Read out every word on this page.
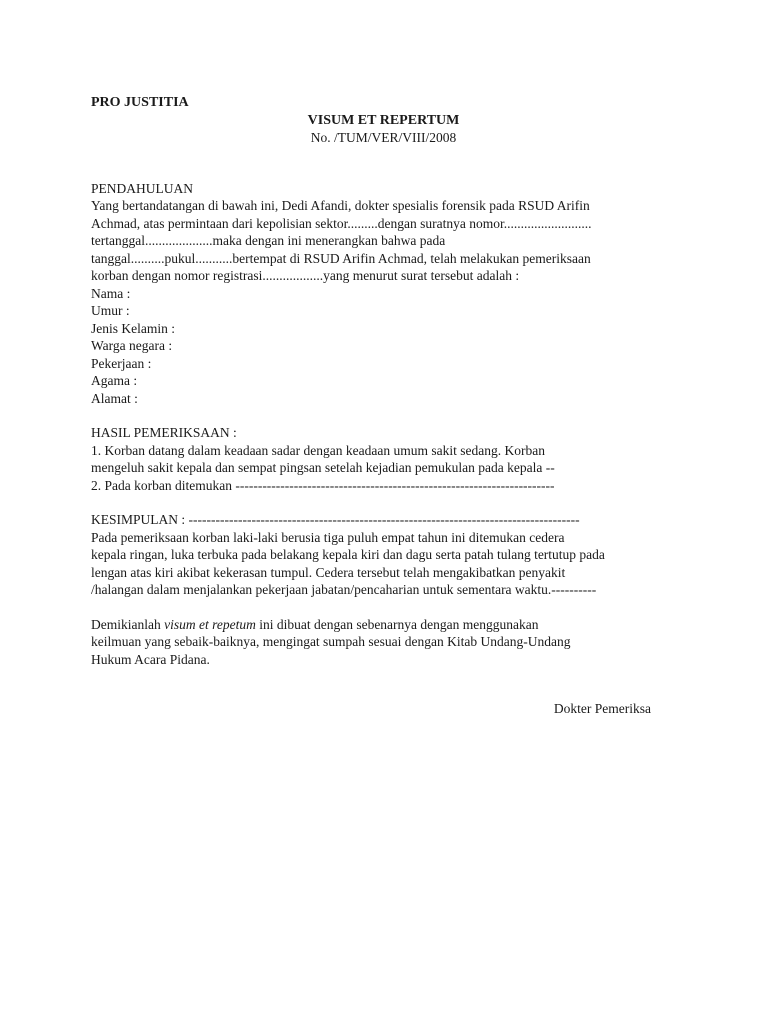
PRO JUSTITIA
VISUM ET REPERTUM
No. /TUM/VER/VIII/2008
PENDAHULUAN
Yang bertandatangan di bawah ini, Dedi Afandi, dokter spesialis forensik pada RSUD Arifin
Achmad, atas permintaan dari kepolisian sektor.........dengan suratnya nomor..........................
tertanggal....................maka dengan ini menerangkan bahwa pada
tanggal..........pukul...........bertempat di RSUD Arifin Achmad, telah melakukan pemeriksaan
korban dengan nomor registrasi..................yang menurut surat tersebut adalah :
Nama :
Umur :
Jenis Kelamin :
Warga negara :
Pekerjaan :
Agama :
Alamat :
HASIL PEMERIKSAAN :
1. Korban datang dalam keadaan sadar dengan keadaan umum sakit sedang. Korban
mengeluh sakit kepala dan sempat pingsan setelah kejadian pemukulan pada kepala --
2. Pada korban ditemukan -----------------------------------------------------------------------
KESIMPULAN : ---------------------------------------------------------------------------------------
Pada pemeriksaan korban laki-laki berusia tiga puluh empat tahun ini ditemukan cedera
kepala ringan, luka terbuka pada belakang kepala kiri dan dagu serta patah tulang tertutup pada
lengan atas kiri akibat kekerasan tumpul. Cedera tersebut telah mengakibatkan penyakit
/halangan dalam menjalankan pekerjaan jabatan/pencaharian untuk sementara waktu.----------
Demikianlah visum et repetum ini dibuat dengan sebenarnya dengan menggunakan
keilmuan yang sebaik-baiknya, mengingat sumpah sesuai dengan Kitab Undang-Undang
Hukum Acara Pidana.
Dokter Pemeriksa
